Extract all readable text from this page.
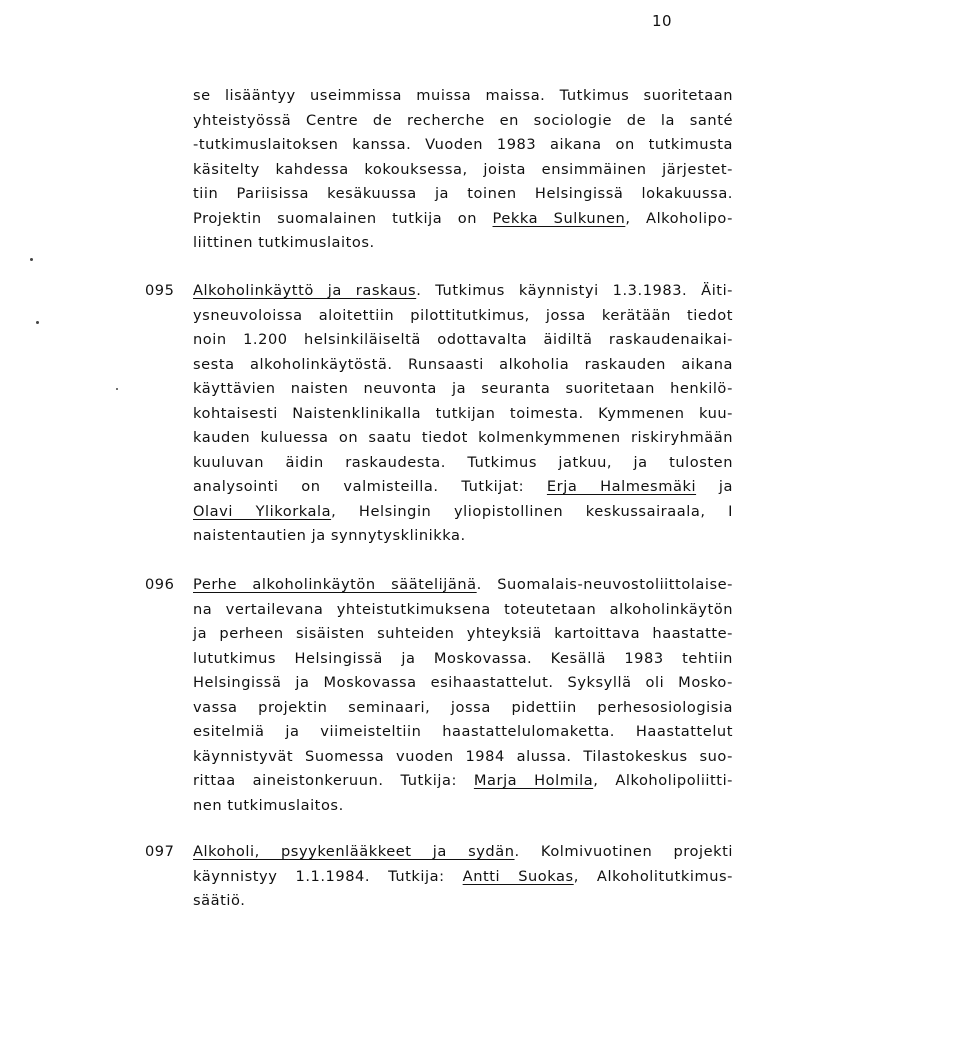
10
se lisääntyy useimmissa muissa maissa. Tutkimus suoritetaan
yhteistyössä Centre de recherche en sociologie de la santé
-tutkimuslaitoksen kanssa. Vuoden 1983 aikana on tutkimusta
käsitelty kahdessa kokouksessa, joista ensimmäinen järjestet-
tiin Pariisissa kesäkuussa ja toinen Helsingissä lokakuussa.
Projektin suomalainen tutkija on Pekka Sulkunen, Alkoholipo-
liittinen tutkimuslaitos.
095 Alkoholinkäyttö ja raskaus. Tutkimus käynnistyi 1.3.1983. Äiti-
ysneuvoloissa aloitettiin pilottitutkimus, jossa kerätään tiedot
noin 1.200 helsinkiläiseltä odottavalta äidiltä raskaudenaikai-
sesta alkoholinkäytöstä. Runsaasti alkoholia raskauden aikana
käyttävien naisten neuvonta ja seuranta suoritetaan henkilö-
kohtaisesti Naistenklinikalla tutkijan toimesta. Kymmenen kuu-
kauden kuluessa on saatu tiedot kolmenkymmenen riskiryhmään
kuuluvan äidin raskaudesta. Tutkimus jatkuu, ja tulosten
analysointi on valmisteilla. Tutkijat: Erja Halmesmäki ja
Olavi Ylikorkala, Helsingin yliopistollinen keskussairaala, I
naistentautien ja synnytysklinikka.
096 Perhe alkoholinkäytön säätelijänä. Suomalais-neuvostoliittolaise-
na vertailevana yhteistutkimuksena toteutetaan alkoholinkäytön
ja perheen sisäisten suhteiden yhteyksiä kartoittava haastatte-
lututkimus Helsingissä ja Moskovassa. Kesällä 1983 tehtiin
Helsingissä ja Moskovassa esihaastattelut. Syksyllä oli Mosko-
vassa projektin seminaari, jossa pidettiin perhesosiologisia
esitelmiä ja viimeisteltiin haastattelulomaketta. Haastattelut
käynnistyvät Suomessa vuoden 1984 alussa. Tilastokeskus suo-
rittaa aineistonkeruun. Tutkija: Marja Holmila, Alkoholipoliitti-
nen tutkimuslaitos.
097 Alkoholi, psyykenlääkkeet ja sydän. Kolmivuotinen projekti
käynnistyy 1.1.1984. Tutkija: Antti Suokas, Alkoholitutkimus-
säätiö.
